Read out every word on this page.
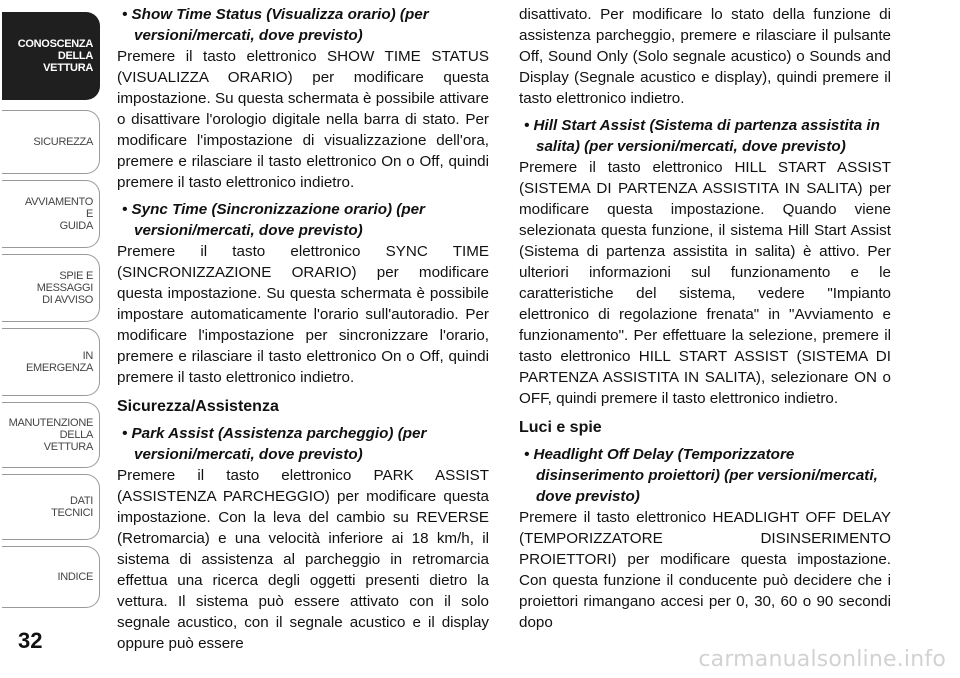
CONOSCENZA
DELLA
VETTURA
SICUREZZA
AVVIAMENTO
E
GUIDA
SPIE E
MESSAGGI
DI AVVISO
IN
EMERGENZA
MANUTENZIONE
DELLA
VETTURA
DATI
TECNICI
INDICE
32

• Show Time Status (Visualizza orario) (per versioni/mercati, dove previsto)

Premere il tasto elettronico SHOW TIME STATUS (VISUALIZZA ORARIO) per modificare questa impostazione. Su questa schermata è possibile attivare o disattivare l'orologio digitale nella barra di stato. Per modificare l'impostazione di visualizzazione dell'ora, premere e rilasciare il tasto elettronico On o Off, quindi premere il tasto elettronico indietro.

• Sync Time (Sincronizzazione orario) (per versioni/mercati, dove previsto)

Premere il tasto elettronico SYNC TIME (SINCRONIZZAZIONE ORARIO) per modificare questa impostazione. Su questa schermata è possibile impostare automaticamente l'orario sull'autoradio. Per modificare l'impostazione per sincronizzare l'orario, premere e rilasciare il tasto elettronico On o Off, quindi premere il tasto elettronico indietro.

Sicurezza/Assistenza

• Park Assist (Assistenza parcheggio) (per versioni/mercati, dove previsto)

Premere il tasto elettronico PARK ASSIST (ASSISTENZA PARCHEGGIO) per modificare questa impostazione. Con la leva del cambio su REVERSE (Retromarcia) e una velocità inferiore ai 18 km/h, il sistema di assistenza al parcheggio in retromarcia effettua una ricerca degli oggetti presenti dietro la vettura. Il sistema può essere attivato con il solo segnale acustico, con il segnale acustico e il display oppure può essere

disattivato. Per modificare lo stato della funzione di assistenza parcheggio, premere e rilasciare il pulsante Off, Sound Only (Solo segnale acustico) o Sounds and Display (Segnale acustico e display), quindi premere il tasto elettronico indietro.

• Hill Start Assist (Sistema di partenza assistita in salita) (per versioni/mercati, dove previsto)

Premere il tasto elettronico HILL START ASSIST (SISTEMA DI PARTENZA ASSISTITA IN SALITA) per modificare questa impostazione. Quando viene selezionata questa funzione, il sistema Hill Start Assist (Sistema di partenza assistita in salita) è attivo. Per ulteriori informazioni sul funzionamento e le caratteristiche del sistema, vedere "Impianto elettronico di regolazione frenata" in "Avviamento e funzionamento". Per effettuare la selezione, premere il tasto elettronico HILL START ASSIST (SISTEMA DI PARTENZA ASSISTITA IN SALITA), selezionare ON o OFF, quindi premere il tasto elettronico indietro.

Luci e spie

• Headlight Off Delay (Temporizzatore disinserimento proiettori) (per versioni/mercati, dove previsto)

Premere il tasto elettronico HEADLIGHT OFF DELAY (TEMPORIZZATORE DISINSERIMENTO PROIETTORI) per modificare questa impostazione. Con questa funzione il conducente può decidere che i proiettori rimangano accesi per 0, 30, 60 o 90 secondi dopo

carmanualsonline.info
